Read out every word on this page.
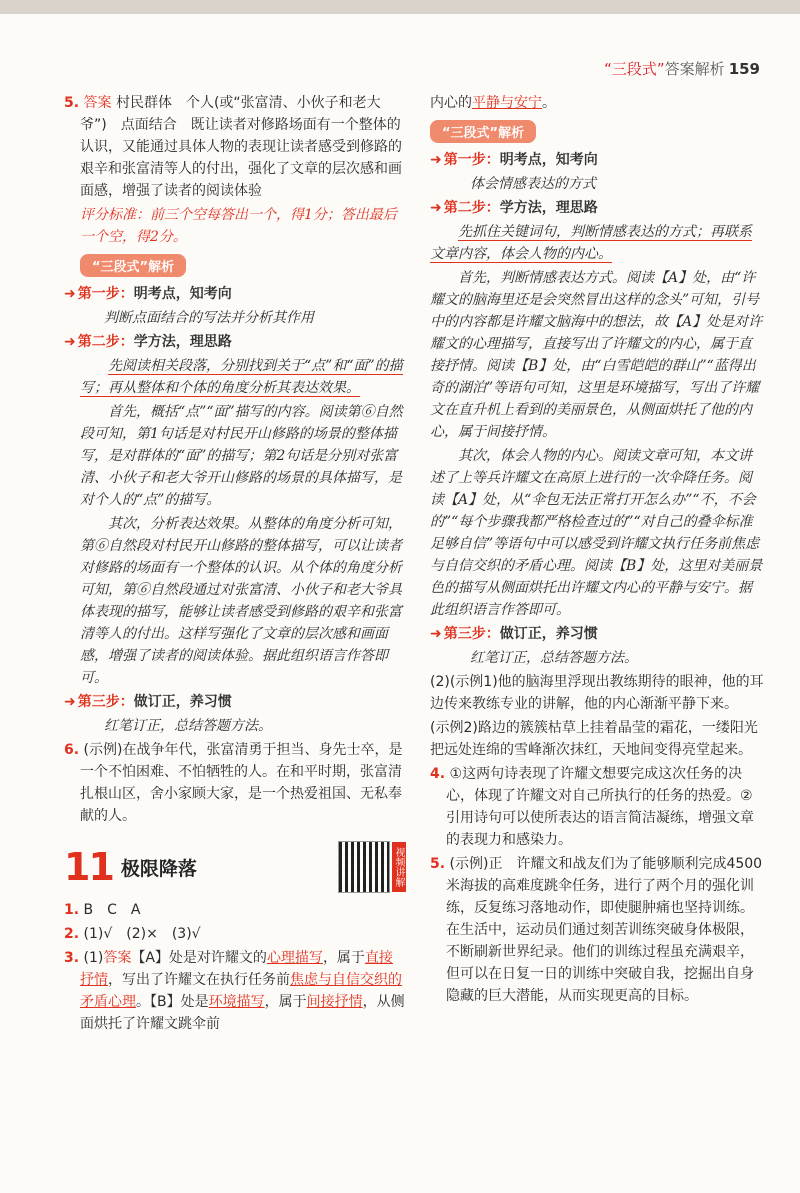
“三段式”答案解析 159

5. 答案 村民群体　个人(或“张富清、小伙子和老大爷”)　点面结合　既让读者对修路场面有一个整体的认识，又能通过具体人物的表现让读者感受到修路的艰辛和张富清等人的付出，强化了文章的层次感和画面感，增强了读者的阅读体验

评分标准：前三个空每答出一个，得1分；答出最后一个空，得2分。

“三段式”解析
➜ 第一步：明考点，知考向

判断点面结合的写法并分析其作用

➜ 第二步：学方法，理思路

先阅读相关段落，分别找到关于“点”和“面”的描写；再从整体和个体的角度分析其表达效果。

首先，概括“点”“面”描写的内容。阅读第⑥自然段可知，第1句话是对村民开山修路的场景的整体描写，是对群体的“面”的描写；第2句话是分别对张富清、小伙子和老大爷开山修路的场景的具体描写，是对个人的“点”的描写。

其次，分析表达效果。从整体的角度分析可知，第⑥自然段对村民开山修路的整体描写，可以让读者对修路的场面有一个整体的认识。从个体的角度分析可知，第⑥自然段通过对张富清、小伙子和老大爷具体表现的描写，能够让读者感受到修路的艰辛和张富清等人的付出。这样写强化了文章的层次感和画面感，增强了读者的阅读体验。据此组织语言作答即可。

➜ 第三步：做订正，养习惯

红笔订正，总结答题方法。

6. (示例)在战争年代，张富清勇于担当、身先士卒，是一个不怕困难、不怕牺牲的人。在和平时期，张富清扎根山区，舍小家顾大家，是一个热爱祖国、无私奉献的人。

11 极限降落	视频讲解

1. B　C　A

2. (1)√　(2)×　(3)√

3. (1)答案【A】处是对许耀文的心理描写，属于直接抒情，写出了许耀文在执行任务前焦虑与自信交织的矛盾心理。【B】处是环境描写，属于间接抒情，从侧面烘托了许耀文跳伞前

内心的平静与安宁。

“三段式”解析
➜ 第一步：明考点，知考向

体会情感表达的方式

➜ 第二步：学方法，理思路

先抓住关键词句，判断情感表达的方式；再联系文章内容，体会人物的内心。

首先，判断情感表达方式。阅读【A】处，由“许耀文的脑海里还是会突然冒出这样的念头”可知，引号中的内容都是许耀文脑海中的想法，故【A】处是对许耀文的心理描写，直接写出了许耀文的内心，属于直接抒情。阅读【B】处，由“白雪皑皑的群山”“蓝得出奇的湖泊”等语句可知，这里是环境描写，写出了许耀文在直升机上看到的美丽景色，从侧面烘托了他的内心，属于间接抒情。

其次，体会人物的内心。阅读文章可知，本文讲述了上等兵许耀文在高原上进行的一次伞降任务。阅读【A】处，从“伞包无法正常打开怎么办”“不，不会的”“每个步骤我都严格检查过的”“对自己的叠伞标准足够自信”等语句中可以感受到许耀文执行任务前焦虑与自信交织的矛盾心理。阅读【B】处，这里对美丽景色的描写从侧面烘托出许耀文内心的平静与安宁。据此组织语言作答即可。

➜ 第三步：做订正，养习惯

红笔订正，总结答题方法。

(2)(示例1)他的脑海里浮现出教练期待的眼神，他的耳边传来教练专业的讲解，他的内心渐渐平静下来。

(示例2)路边的簇簇枯草上挂着晶莹的霜花，一缕阳光把远处连绵的雪峰渐次抹红，天地间变得亮堂起来。

4. ①这两句诗表现了许耀文想要完成这次任务的决心，体现了许耀文对自己所执行的任务的热爱。②引用诗句可以使所表达的语言简洁凝练，增强文章的表现力和感染力。

5. (示例)正　许耀文和战友们为了能够顺利完成4500米海拔的高难度跳伞任务，进行了两个月的强化训练，反复练习落地动作，即使腿肿痛也坚持训练。在生活中，运动员们通过刻苦训练突破身体极限，不断刷新世界纪录。他们的训练过程虽充满艰辛，但可以在日复一日的训练中突破自我，挖掘出自身隐藏的巨大潜能，从而实现更高的目标。
